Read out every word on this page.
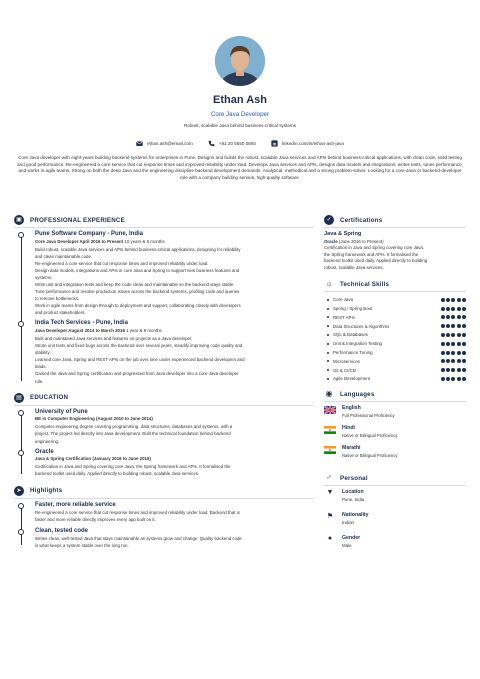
Ethan Ash
Core Java Developer
Robust, scalable Java behind business-critical systems
ethan.ash@email.com	+91 20 5550 0894	in linkedin.com/in/ethan-ash-java
Core Java developer with eight years building backend systems for enterprises in Pune. Designs and builds the robust, scalable Java services and APIs behind business-critical applications, with clean code, solid testing and good performance. Re-engineered a core service that cut response times and improved reliability under load. Develops Java services and APIs, designs data models and integrations, writes tests, tunes performance, and works in agile teams. Strong on both the deep Java and the engineering discipline backend development demands. Analytical, methodical and a strong problem-solver. Looking for a core-Java or backend-developer role with a company building serious, high-quality software.
▣	PROFESSIONAL EXPERIENCE
Pune Software Company - Pune, India
Core Java Developer April 2016 to Present 10 years & 6 months
Build robust, scalable Java services and APIs behind business-critical applications, designing for reliability
and clean maintainable code.
Re-engineered a core service that cut response times and improved reliability under load.
Design data models, integrations and APIs in core Java and Spring to support new business features and
systems.
Write unit and integration tests and keep the code clean and maintainable so the backend stays stable.
Tune performance and resolve production issues across the backend systems, profiling code and queries
to remove bottlenecks.
Work in agile teams from design through to deployment and support, collaborating closely with developers
and product stakeholders.
India Tech Services - Pune, India
Java Developer August 2014 to March 2016 1 year & 8 months
Built and maintained Java services and features on projects as a Java developer.
Wrote unit tests and fixed bugs across the backend over several years, steadily improving code quality and
stability.
Learned core Java, Spring and REST APIs on the job over time under experienced backend developers and
leads.
Gained the Java and Spring certification and progressed from Java developer into a core-Java developer
role.
▤	EDUCATION
University of Pune
BE in Computer Engineering (August 2010 to June 2014)
Computer engineering degree covering programming, data structures, databases and systems, with a
project. The project led directly into Java development. Built the technical foundation behind backend
engineering.
Oracle
Java & Spring Certification (January 2016 to June 2016)
Certification in Java and Spring covering core Java, the Spring framework and APIs. It formalised the
backend toolkit used daily. Applied directly to building robust, scalable Java services.
➤	Highlights
Faster, more reliable service
Re-engineered a core service that cut response times and improved reliability under load. Backend that is
faster and more reliable directly improves every app built on it.
Clean, tested code
Writes clean, well-tested Java that stays maintainable as systems grow and change. Quality backend code
is what keeps a system stable over the long run.
✓	Certifications
Java & Spring
Oracle (June 2016 to Present)
Certification in Java and Spring covering core Java,
the Spring framework and APIs. It formalised the
backend toolkit used daily. Applied directly to building
robust, scalable Java services.
☼ Technical Skills
Core Java
Spring / Spring Boot
REST APIs
Data Structures & Algorithms
SQL & Databases
Unit & Integration Testing
Performance Tuning
Microservices
Git & CI/CD
Agile Development
◉ Languages
English
Full Professional Proficiency
Hindi
Native or Bilingual Proficiency
Marathi
Native or Bilingual Proficiency
♂	Personal
▼	Location
Pune, India
⚑	Nationality
Indian
●	Gender
Male
